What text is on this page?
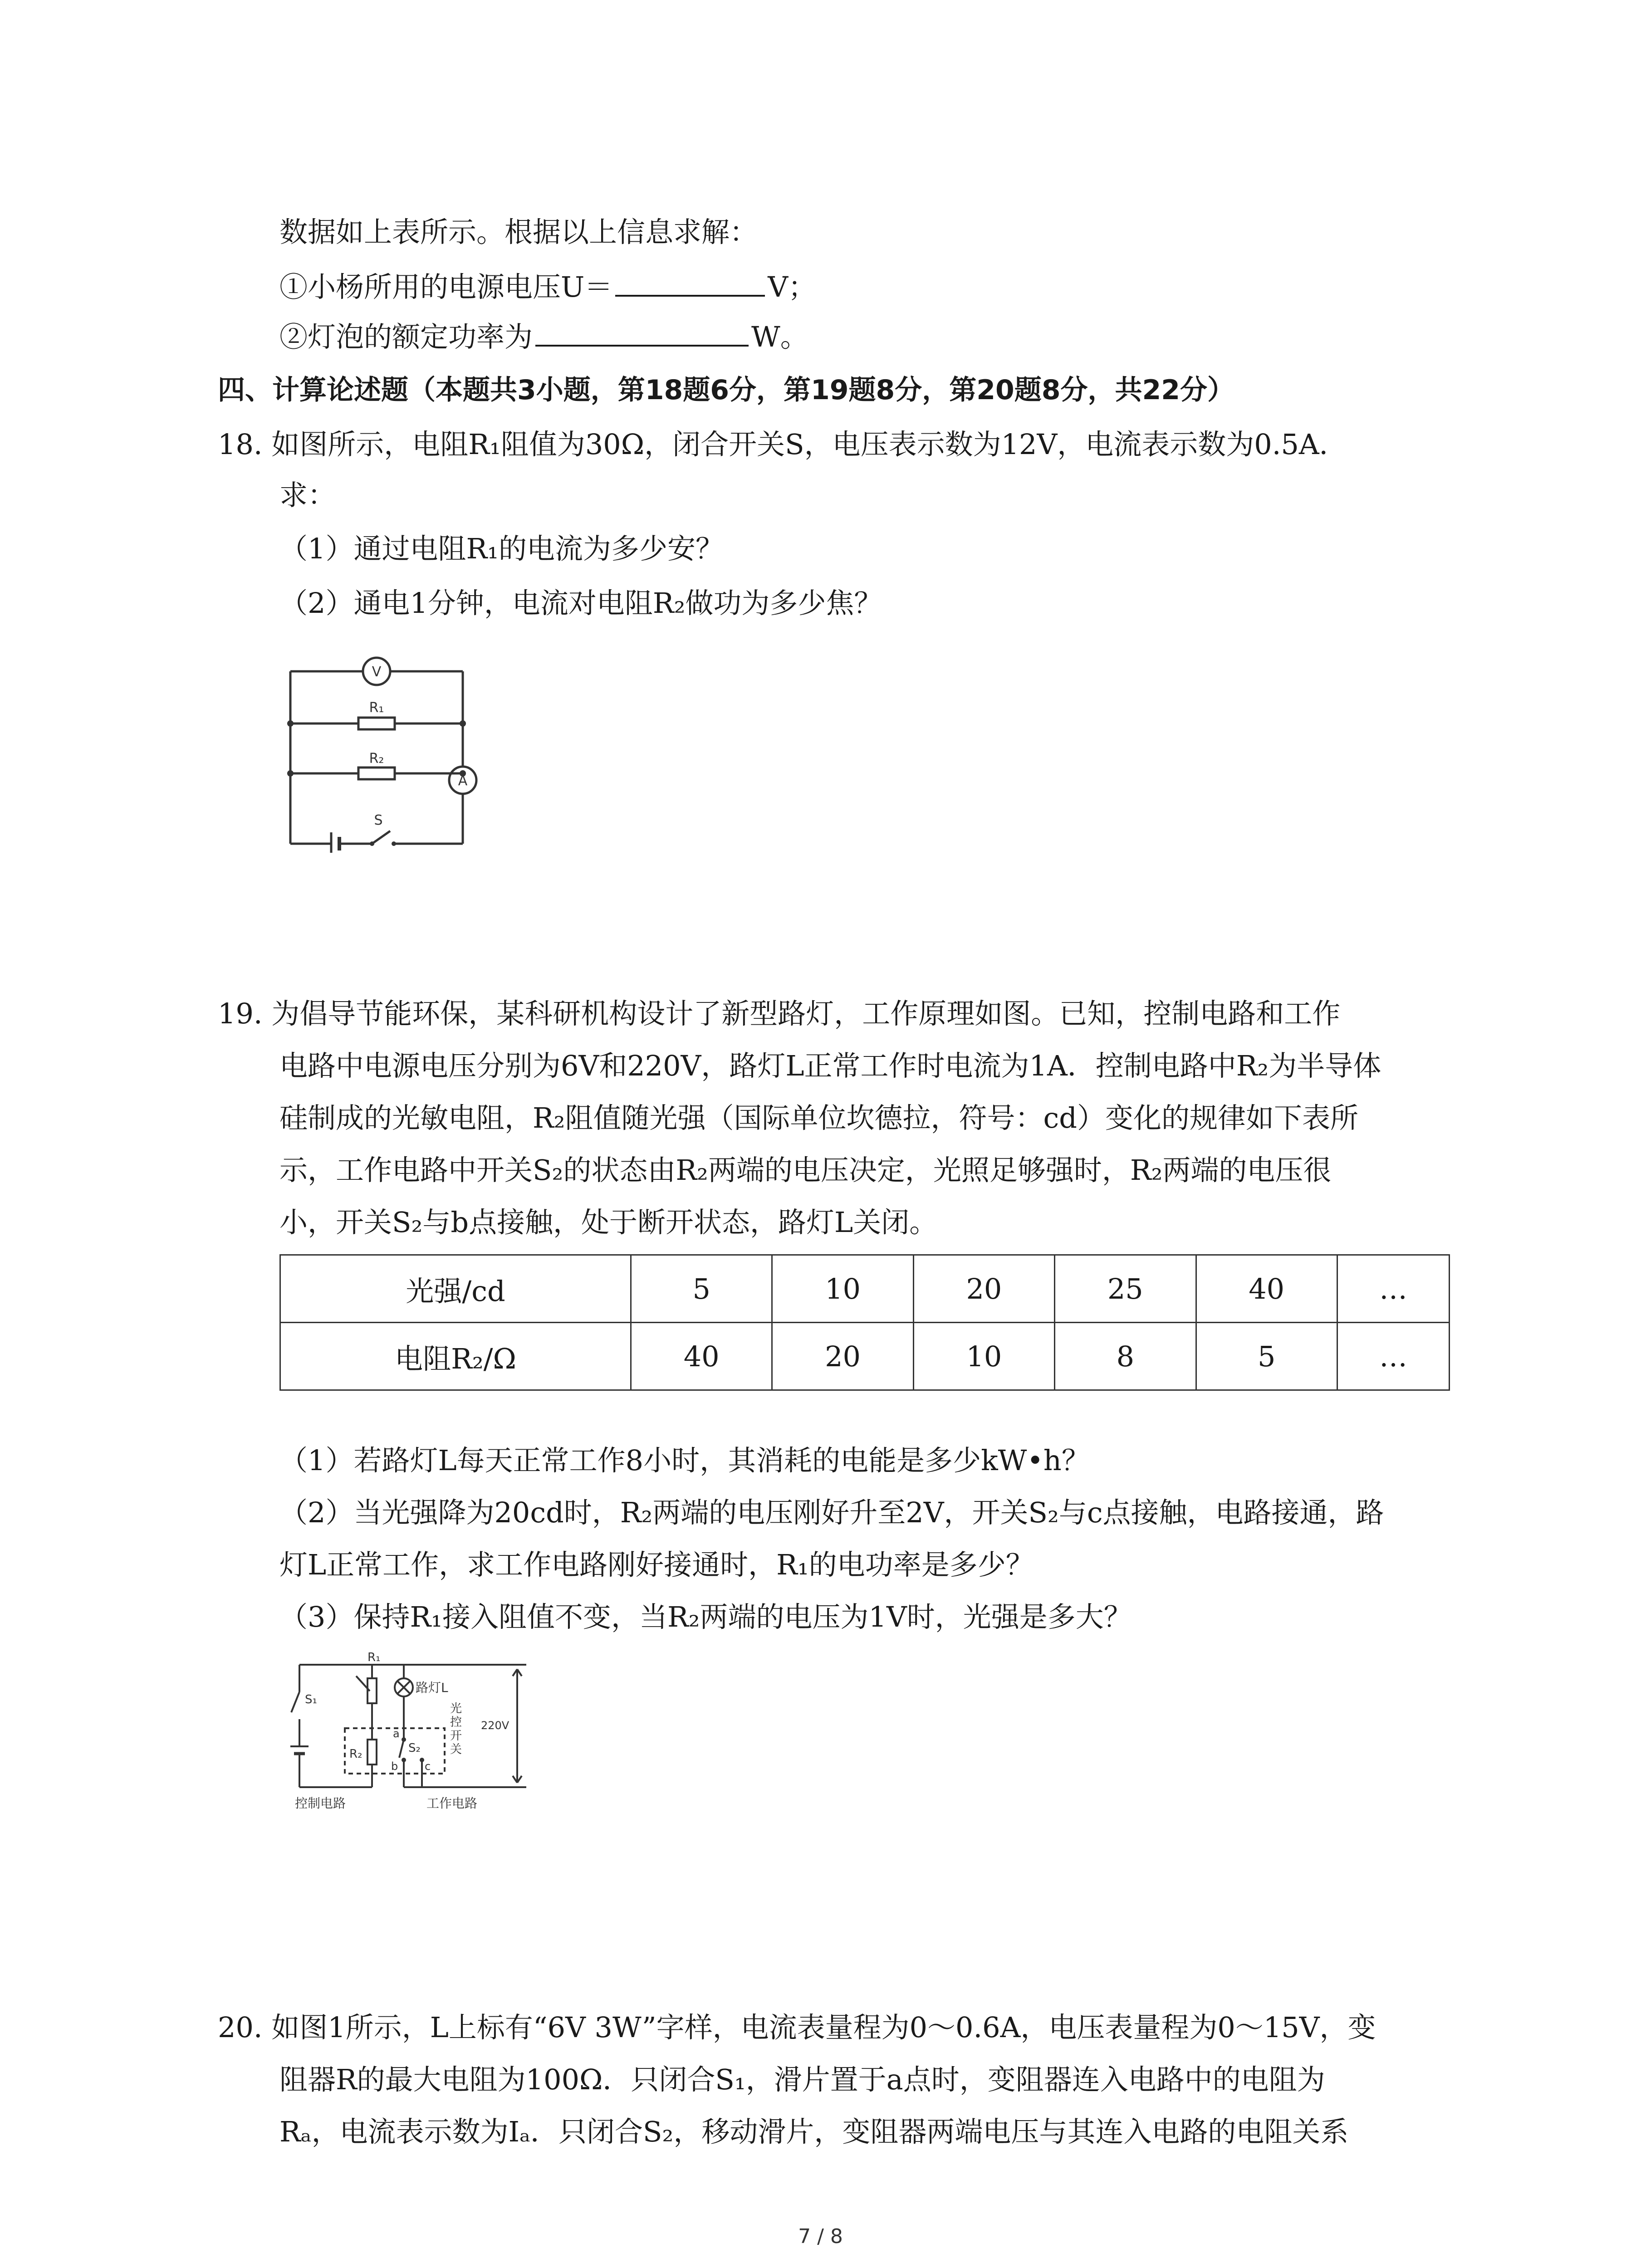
数据如上表所示。根据以上信息求解：
①小杨所用的电源电压U＝	V；
②灯泡的额定功率为	W。
四、计算论述题（本题共3小题，第18题6分，第19题8分，第20题8分，共22分）
18. 如图所示，电阻R₁阻值为30Ω，闭合开关S，电压表示数为12V，电流表示数为0.5A．
求：
（1）通过电阻R₁的电流为多少安？
（2）通电1分钟，电流对电阻R₂做功为多少焦？
V
R₁
R₂
A
S
19. 为倡导节能环保，某科研机构设计了新型路灯，工作原理如图。已知，控制电路和工作
电路中电源电压分别为6V和220V，路灯L正常工作时电流为1A．控制电路中R₂为半导体
硅制成的光敏电阻，R₂阻值随光强（国际单位坎德拉，符号：cd）变化的规律如下表所
示，工作电路中开关S₂的状态由R₂两端的电压决定，光照足够强时，R₂两端的电压很
小，开关S₂与b点接触，处于断开状态，路灯L关闭。
光强/cd	5	10	20	25	40	…
电阻R₂/Ω	40	20	10	8	5	…
（1）若路灯L每天正常工作8小时，其消耗的电能是多少kW•h？
（2）当光强降为20cd时，R₂两端的电压刚好升至2V，开关S₂与c点接触，电路接通，路
灯L正常工作，求工作电路刚好接通时，R₁的电功率是多少？
（3）保持R₁接入阻值不变，当R₂两端的电压为1V时，光强是多大？
S₁
R₁
路灯L
R₂	S₂
a
b c
光
控
开
关
220V
控制电路	工作电路
20. 如图1所示，L上标有“6V 3W”字样，电流表量程为0～0.6A，电压表量程为0～15V，变
阻器R的最大电阻为100Ω．只闭合S₁，滑片置于a点时，变阻器连入电路中的电阻为
Rₐ，电流表示数为Iₐ．只闭合S₂，移动滑片，变阻器两端电压与其连入电路的电阻关系
7 / 8
